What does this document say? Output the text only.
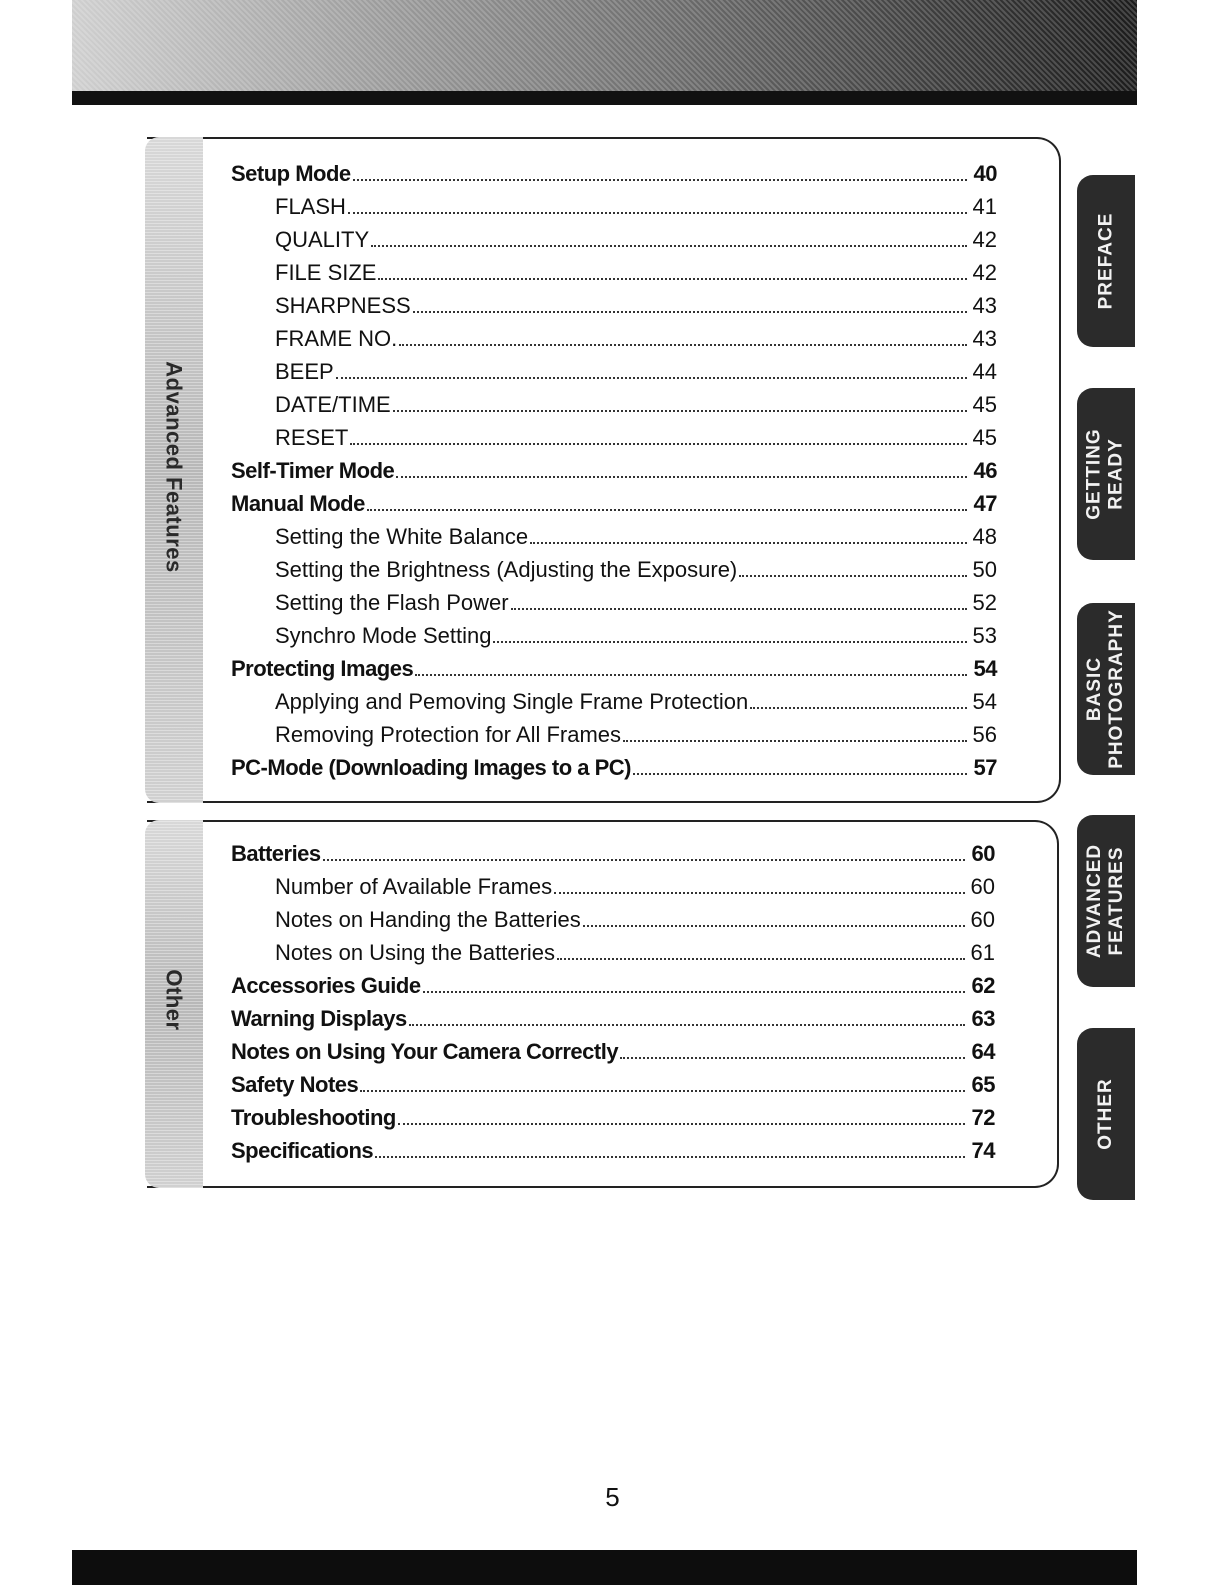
Advanced Features
Setup Mode	40
FLASH	41
QUALITY	42
FILE SIZE	42
SHARPNESS	43
FRAME NO.	43
BEEP	44
DATE/TIME	45
RESET	45
Self-Timer Mode	46
Manual Mode	47
Setting the White Balance	48
Setting the Brightness (Adjusting the Exposure)	50
Setting the Flash Power	52
Synchro Mode Setting	53
Protecting Images	54
Applying and Pemoving Single Frame Protection	54
Removing Protection for All Frames	56
PC-Mode (Downloading Images to a PC)	57
Other
Batteries	60
Number of Available Frames	60
Notes on Handing the Batteries	60
Notes on Using the Batteries	61
Accessories Guide	62
Warning Displays	63
Notes on Using Your Camera Correctly	64
Safety Notes	65
Troubleshooting	72
Specifications	74
PREFACE
GETTING READY
BASIC PHOTOGRAPHY
ADVANCED FEATURES
OTHER
5
